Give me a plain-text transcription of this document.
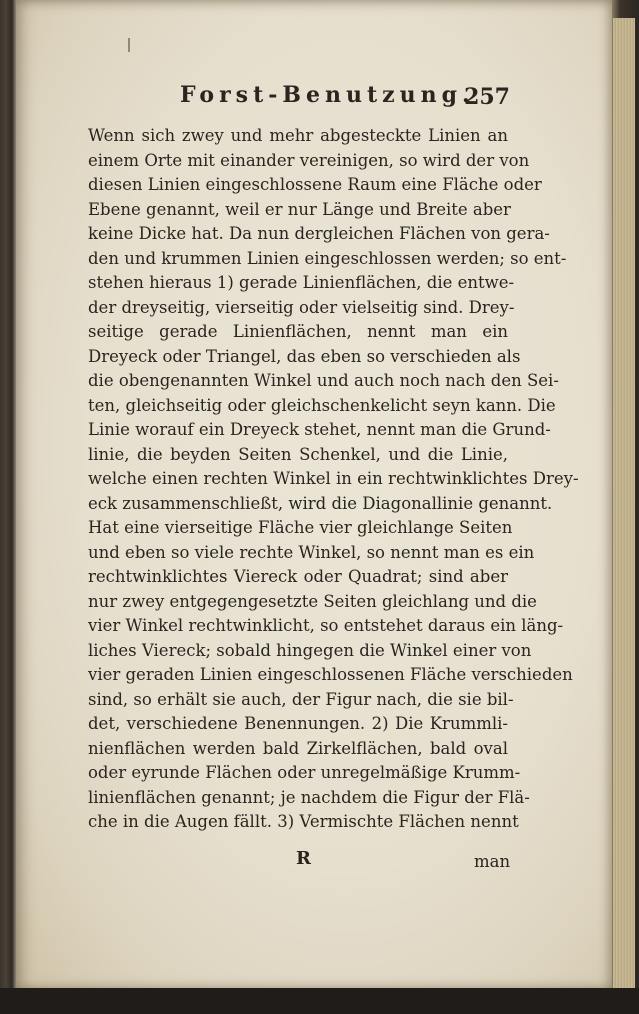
Forst-Benutzung.
257
Wenn sich zwey und mehr abgesteckte Linien an
einem Orte mit einander vereinigen, so wird der von
diesen Linien eingeschlossene Raum eine Fläche oder
Ebene genannt, weil er nur Länge und Breite aber
keine Dicke hat. Da nun dergleichen Flächen von gera-
den und krummen Linien eingeschlossen werden; so ent-
stehen hieraus 1) gerade Linienflächen, die entwe-
der dreyseitig, vierseitig oder vielseitig sind. Drey-
seitige gerade Linienflächen, nennt man ein
Dreyeck oder Triangel, das eben so verschieden als
die obengenannten Winkel und auch noch nach den Sei-
ten, gleichseitig oder gleichschenkelicht seyn kann. Die
Linie worauf ein Dreyeck stehet, nennt man die Grund-
linie, die beyden Seiten Schenkel, und die Linie,
welche einen rechten Winkel in ein rechtwinklichtes Drey-
eck zusammenschließt, wird die Diagonallinie genannt.
Hat eine vierseitige Fläche vier gleichlange Seiten
und eben so viele rechte Winkel, so nennt man es ein
rechtwinklichtes Viereck oder Quadrat; sind aber
nur zwey entgegengesetzte Seiten gleichlang und die
vier Winkel rechtwinklicht, so entstehet daraus ein läng-
liches Viereck; sobald hingegen die Winkel einer von
vier geraden Linien eingeschlossenen Fläche verschieden
sind, so erhält sie auch, der Figur nach, die sie bil-
det, verschiedene Benennungen. 2) Die Krummli-
nienflächen werden bald Zirkelflächen, bald oval
oder eyrunde Flächen oder unregelmäßige Krumm-
linienflächen genannt; je nachdem die Figur der Flä-
che in die Augen fällt. 3) Vermischte Flächen nennt
R	man
